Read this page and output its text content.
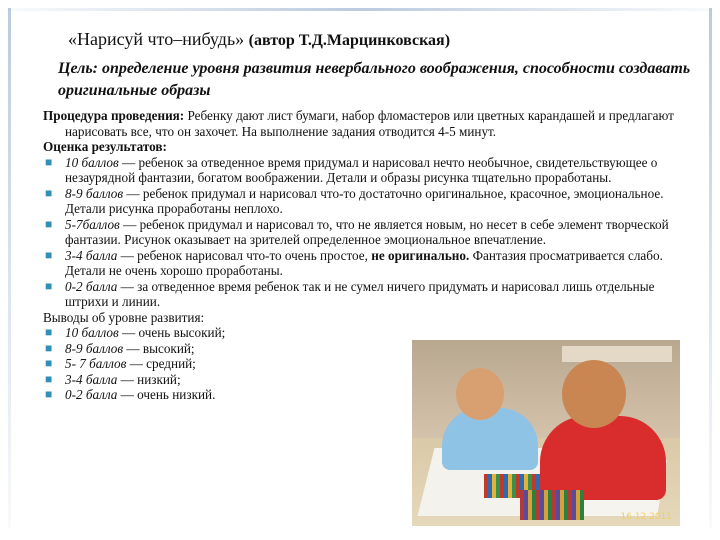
«Нарисуй что–нибудь» (автор Т.Д.Марцинковская)
Цель: определение уровня развития невербального воображения, способности создавать оригинальные образы

Процедура проведения: Ребенку дают лист бумаги, набор фломастеров или цветных карандашей и предлагают нарисовать все, что он захочет. На выполнение задания отводится 4-5 минут.

Оценка результатов:

■ 10 баллов — ребенок за отведенное время придумал и нарисовал нечто необычное, свидетельствующее о незаурядной фантазии, богатом воображении. Детали и образы рисунка тщательно проработаны.
■ 8-9 баллов — ребенок придумал и нарисовал что-то достаточно оригинальное, красочное, эмоциональное. Детали рисунка проработаны неплохо.
■ 5-7баллов — ребенок придумал и нарисовал то, что не является новым, но несет в себе элемент творческой фантазии. Рисунок оказывает на зрителей определенное эмоциональное впечатление.
■ 3-4 балла — ребенок нарисовал что-то очень простое, не оригинально. Фантазия просматривается слабо. Детали не очень хорошо проработаны.
■ 0-2 балла — за отведенное время ребенок так и не сумел ничего придумать и нарисовал лишь отдельные штрихи и линии.

Выводы об уровне развития:

■ 10 баллов — очень высокий;
■ 8-9 баллов — высокий;
■ 5- 7 баллов — средний;
■ 3-4 балла — низкий;
■ 0-2 балла — очень низкий.
16 12 2011
